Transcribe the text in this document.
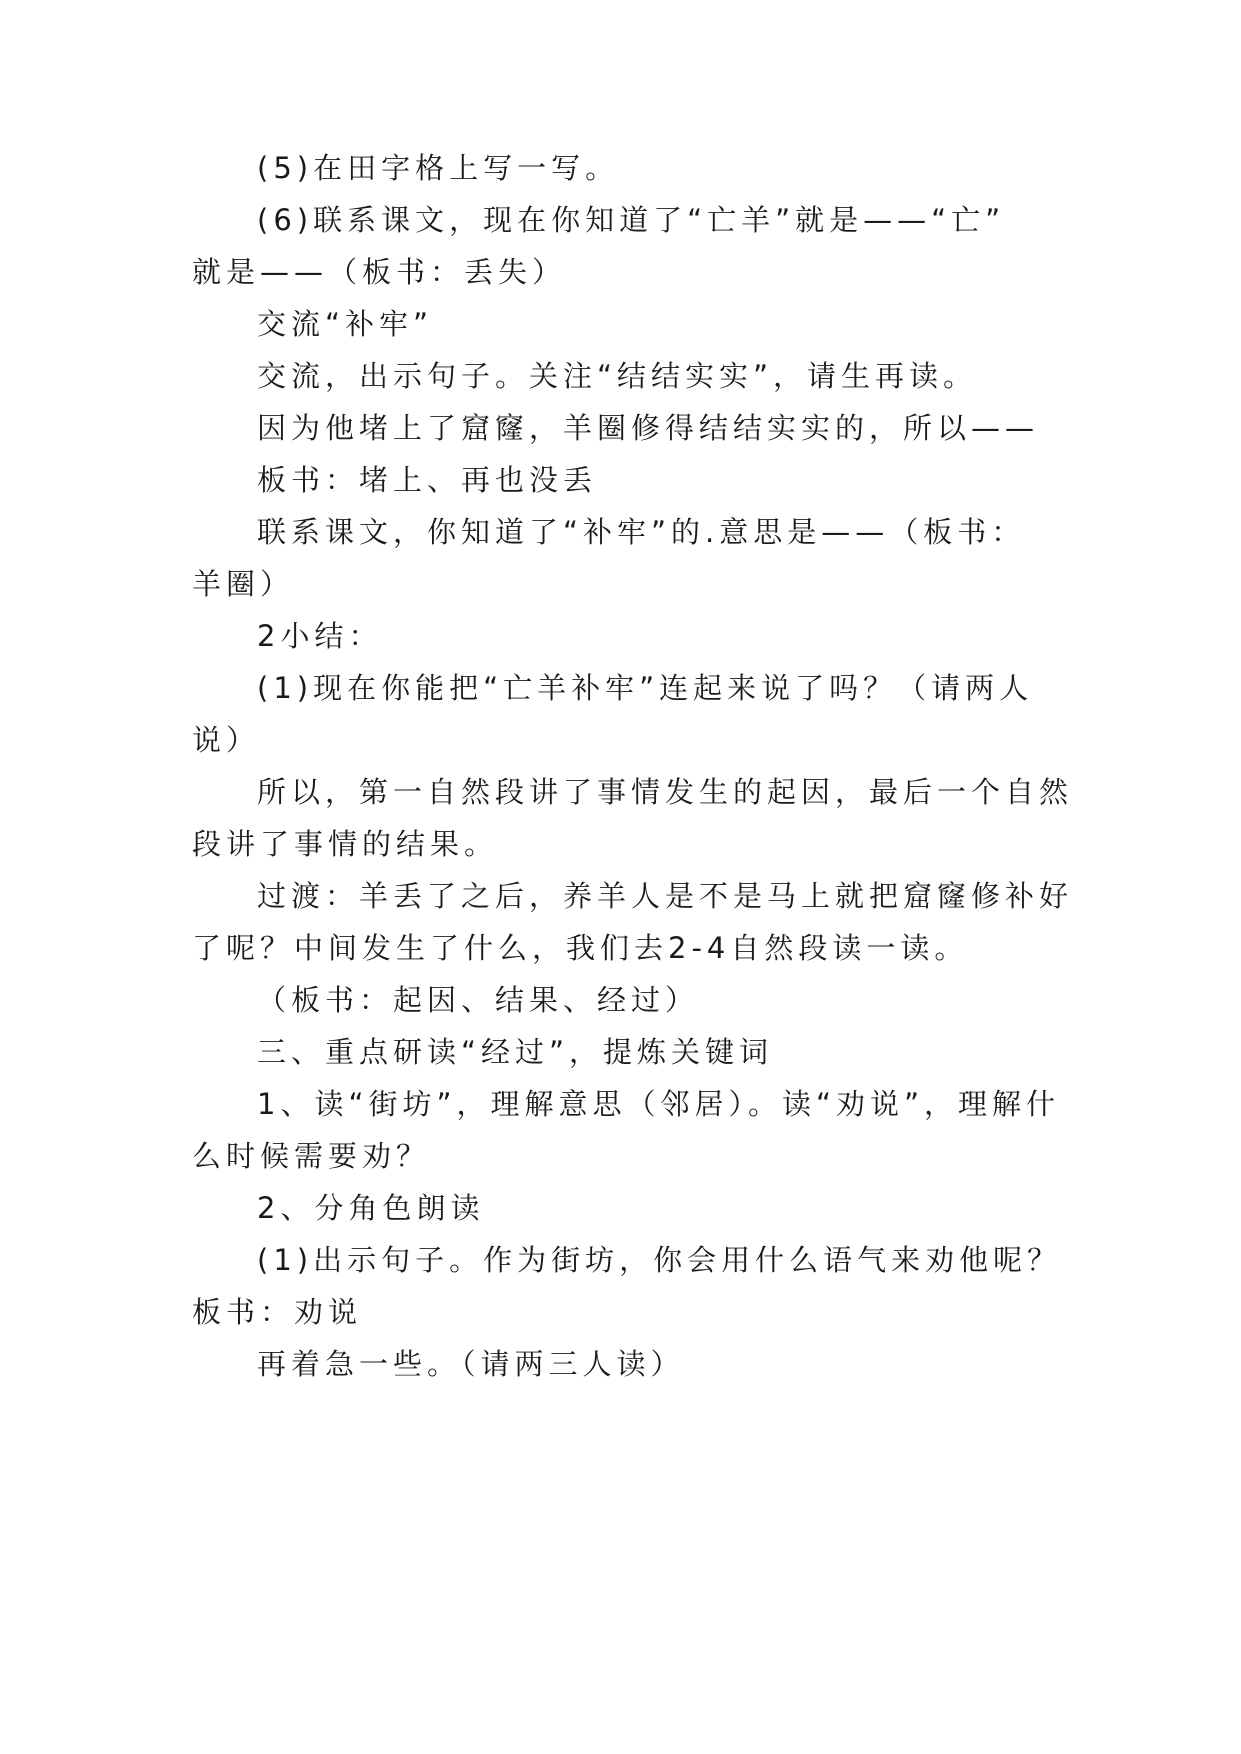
(5)在田字格上写一写。
(6)联系课文，现在你知道了“亡羊”就是——“亡”
就是——（板书：丢失）
交流“补牢”
交流，出示句子。关注“结结实实”，请生再读。
因为他堵上了窟窿，羊圈修得结结实实的，所以——
板书：堵上、再也没丢
联系课文，你知道了“补牢”的.意思是——（板书：
羊圈）
2小结：
(1)现在你能把“亡羊补牢”连起来说了吗？（请两人
说）
所以，第一自然段讲了事情发生的起因，最后一个自然
段讲了事情的结果。
过渡：羊丢了之后，养羊人是不是马上就把窟窿修补好
了呢？中间发生了什么，我们去2-4自然段读一读。
（板书：起因、结果、经过）
三、重点研读“经过”，提炼关键词
1、读“街坊”，理解意思（邻居）。读“劝说”，理解什
么时候需要劝？
2、分角色朗读
(1)出示句子。作为街坊，你会用什么语气来劝他呢？
板书：劝说
再着急一些。（请两三人读）
